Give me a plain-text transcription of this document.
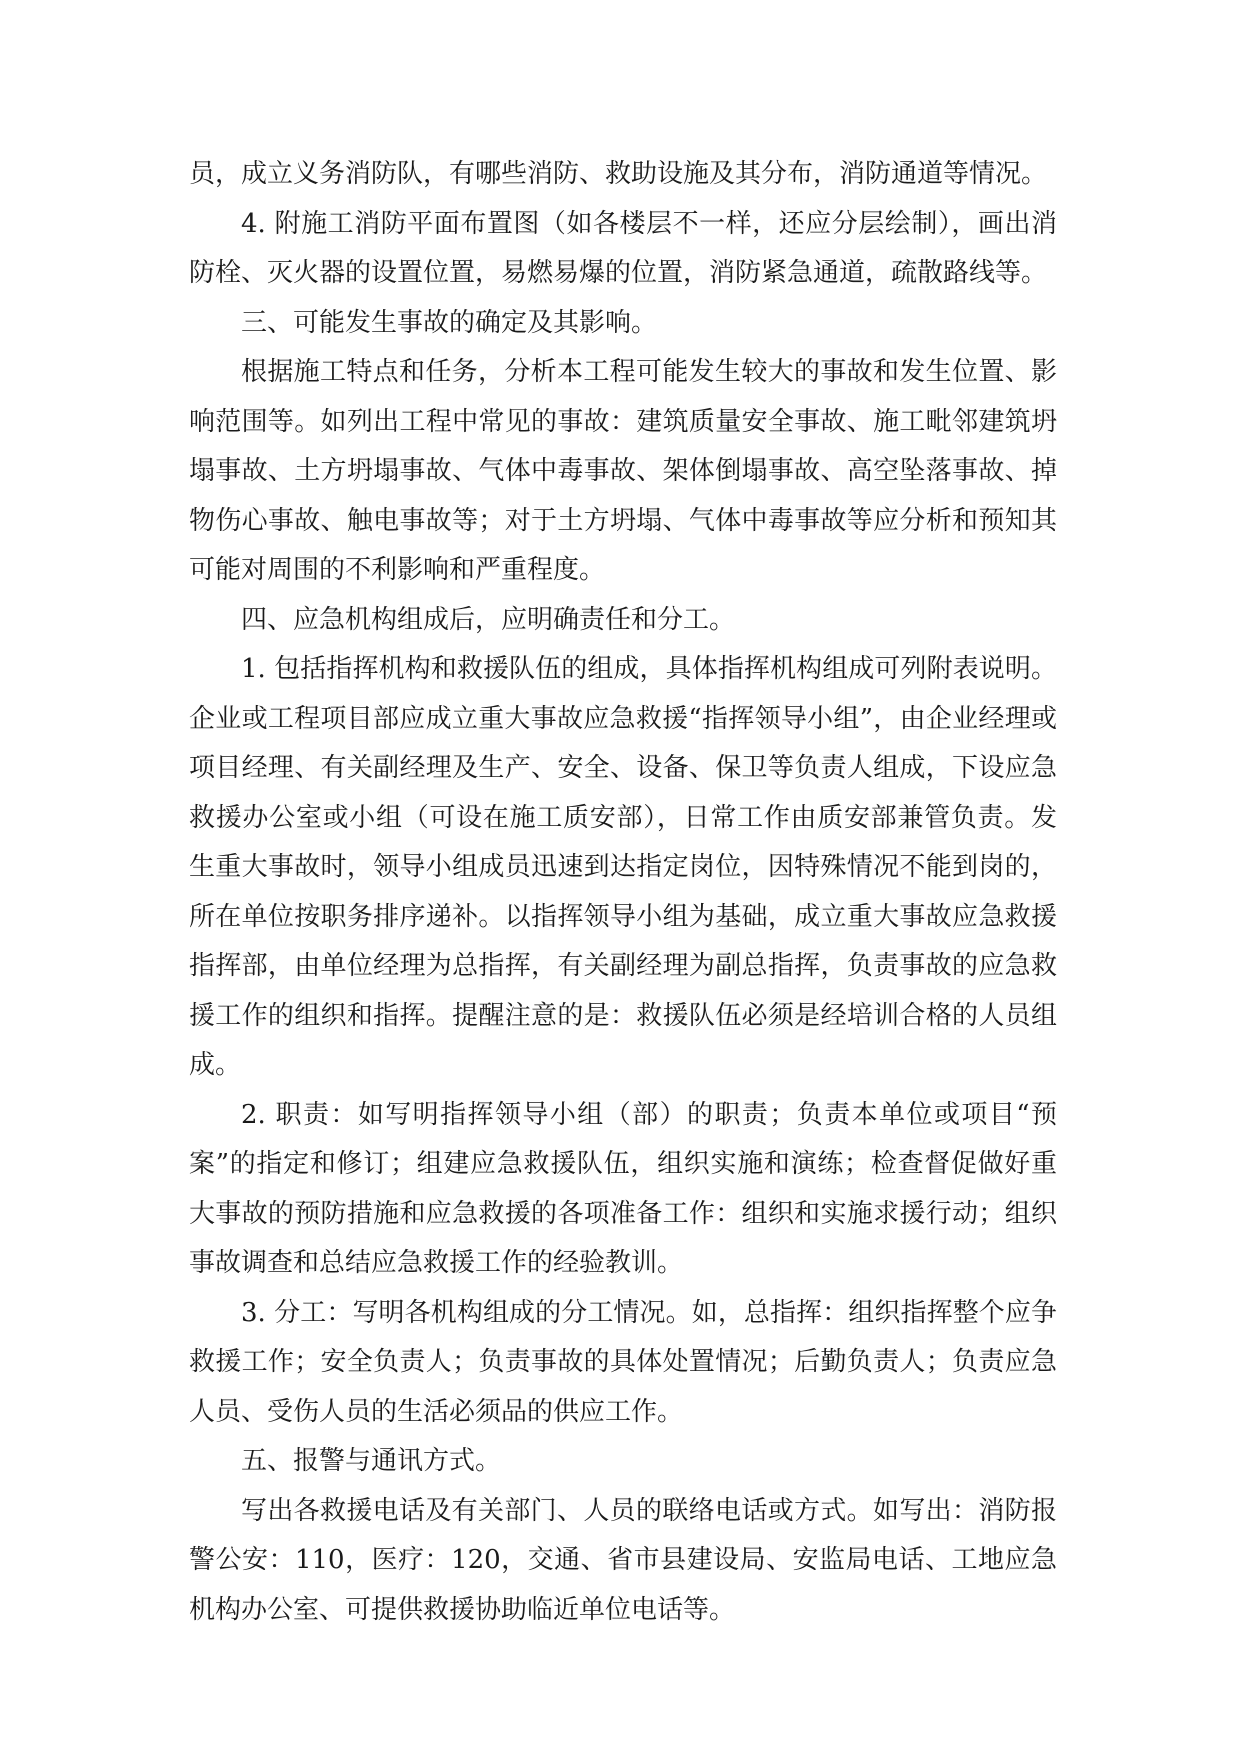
员，成立义务消防队，有哪些消防、救助设施及其分布，消防通道等情况。

4. 附施工消防平面布置图（如各楼层不一样，还应分层绘制），画出消防栓、灭火器的设置位置，易燃易爆的位置，消防紧急通道，疏散路线等。

三、可能发生事故的确定及其影响。

根据施工特点和任务，分析本工程可能发生较大的事故和发生位置、影响范围等。如列出工程中常见的事故：建筑质量安全事故、施工毗邻建筑坍塌事故、土方坍塌事故、气体中毒事故、架体倒塌事故、高空坠落事故、掉物伤心事故、触电事故等；对于土方坍塌、气体中毒事故等应分析和预知其可能对周围的不利影响和严重程度。

四、应急机构组成后，应明确责任和分工。

1. 包括指挥机构和救援队伍的组成，具体指挥机构组成可列附表说明。企业或工程项目部应成立重大事故应急救援“指挥领导小组”，由企业经理或项目经理、有关副经理及生产、安全、设备、保卫等负责人组成，下设应急救援办公室或小组（可设在施工质安部），日常工作由质安部兼管负责。发生重大事故时，领导小组成员迅速到达指定岗位，因特殊情况不能到岗的，所在单位按职务排序递补。以指挥领导小组为基础，成立重大事故应急救援指挥部，由单位经理为总指挥，有关副经理为副总指挥，负责事故的应急救援工作的组织和指挥。提醒注意的是：救援队伍必须是经培训合格的人员组成。

2. 职责：如写明指挥领导小组（部）的职责；负责本单位或项目“预案”的指定和修订；组建应急救援队伍，组织实施和演练；检查督促做好重大事故的预防措施和应急救援的各项准备工作：组织和实施求援行动；组织事故调查和总结应急救援工作的经验教训。

3. 分工：写明各机构组成的分工情况。如，总指挥：组织指挥整个应争救援工作；安全负责人；负责事故的具体处置情况；后勤负责人；负责应急人员、受伤人员的生活必须品的供应工作。

五、报警与通讯方式。

写出各救援电话及有关部门、人员的联络电话或方式。如写出：消防报警公安：110，医疗：120，交通、省市县建设局、安监局电话、工地应急机构办公室、可提供救援协助临近单位电话等。
